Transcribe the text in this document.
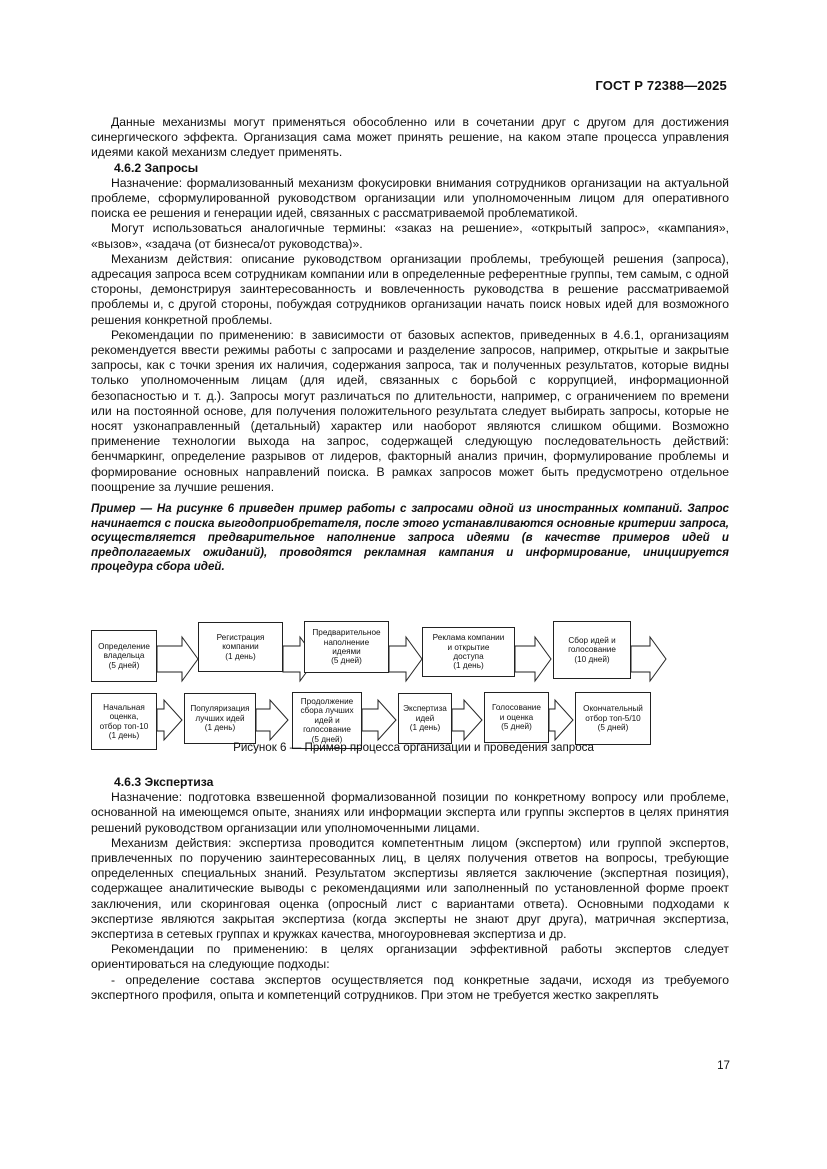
ГОСТ Р 72388—2025

Данные механизмы могут применяться обособленно или в сочетании друг с другом для достижения синергического эффекта. Организация сама может принять решение, на каком этапе процесса управления идеями какой механизм следует применять.

4.6.2 Запросы

Назначение: формализованный механизм фокусировки внимания сотрудников организации на актуальной проблеме, сформулированной руководством организации или уполномоченным лицом для оперативного поиска ее решения и генерации идей, связанных с рассматриваемой проблематикой.

Могут использоваться аналогичные термины: «заказ на решение», «открытый запрос», «кампания», «вызов», «задача (от бизнеса/от руководства)».

Механизм действия: описание руководством организации проблемы, требующей решения (запроса), адресация запроса всем сотрудникам компании или в определенные референтные группы, тем самым, с одной стороны, демонстрируя заинтересованность и вовлеченность руководства в решение рассматриваемой проблемы и, с другой стороны, побуждая сотрудников организации начать поиск новых идей для возможного решения конкретной проблемы.

Рекомендации по применению: в зависимости от базовых аспектов, приведенных в 4.6.1, организациям рекомендуется ввести режимы работы с запросами и разделение запросов, например, открытые и закрытые запросы, как с точки зрения их наличия, содержания запроса, так и полученных результатов, которые видны только уполномоченным лицам (для идей, связанных с борьбой с коррупцией, информационной безопасностью и т. д.). Запросы могут различаться по длительности, например, с ограничением по времени или на постоянной основе, для получения положительного результата следует выбирать запросы, которые не носят узконаправленный (детальный) характер или наоборот являются слишком общими. Возможно применение технологии выхода на запрос, содержащей следующую последовательность действий: бенчмаркинг, определение разрывов от лидеров, факторный анализ причин, формулирование проблемы и формирование основных направлений поиска. В рамках запросов может быть предусмотрено отдельное поощрение за лучшие решения.

Пример — На рисунке 6 приведен пример работы с запросами одной из иностранных компаний. Запрос начинается с поиска выгодоприобретателя, после этого устанавливаются основные критерии запроса, осуществляется предварительное наполнение запроса идеями (в качестве примеров идей и предполагаемых ожиданий), проводятся рекламная кампания и информирование, инициируется процедура сбора идей.

Определение
владельца
(5 дней)
Регистрация
компании
(1 день)
Предварительное
наполнение
идеями
(5 дней)
Реклама компании
и открытие
доступа
(1 день)
Сбор идей и
голосование
(10 дней)
Начальная
оценка,
отбор топ-10
(1 день)
Популяризация
лучших идей
(1 день)
Продолжение
сбора лучших
идей и
голосование
(5 дней)
Экспертиза
идей
(1 день)
Голосование
и оценка
(5 дней)
Окончательный
отбор топ-5/10
(5 дней)
Рисунок 6 — Пример процесса организации и проведения запроса

4.6.3 Экспертиза

Назначение: подготовка взвешенной формализованной позиции по конкретному вопросу или проблеме, основанной на имеющемся опыте, знаниях или информации эксперта или группы экспертов в целях принятия решений руководством организации или уполномоченными лицами.

Механизм действия: экспертиза проводится компетентным лицом (экспертом) или группой экспертов, привлеченных по поручению заинтересованных лиц, в целях получения ответов на вопросы, требующие определенных специальных знаний. Результатом экспертизы является заключение (экспертная позиция), содержащее аналитические выводы с рекомендациями или заполненный по установленной форме проект заключения, или скоринговая оценка (опросный лист с вариантами ответа). Основными подходами к экспертизе являются закрытая экспертиза (когда эксперты не знают друг друга), матричная экспертиза, экспертиза в сетевых группах и кружках качества, многоуровневая экспертиза и др.

Рекомендации по применению: в целях организации эффективной работы экспертов следует ориентироваться на следующие подходы:

- определение состава экспертов осуществляется под конкретные задачи, исходя из требуемого экспертного профиля, опыта и компетенций сотрудников. При этом не требуется жестко закреплять

17
